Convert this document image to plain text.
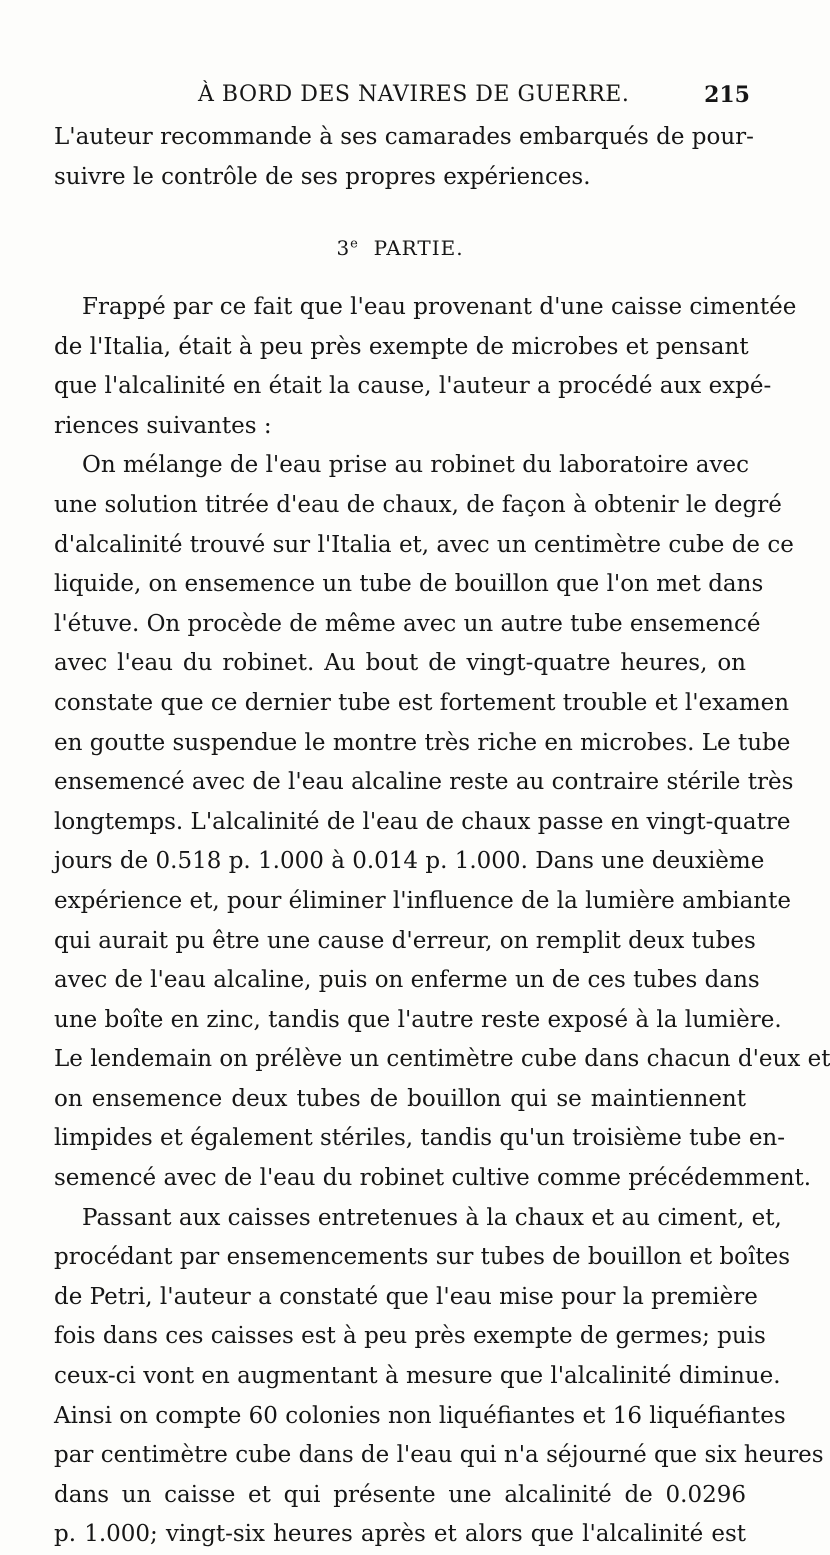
À BORD DES NAVIRES DE GUERRE.	215
L'auteur recommande à ses camarades embarqués de pour-
suivre le contrôle de ses propres expériences.
3e PARTIE.
Frappé par ce fait que l'eau provenant d'une caisse cimentée
de l'Italia, était à peu près exempte de microbes et pensant
que l'alcalinité en était la cause, l'auteur a procédé aux expé-
riences suivantes :
On mélange de l'eau prise au robinet du laboratoire avec
une solution titrée d'eau de chaux, de façon à obtenir le degré
d'alcalinité trouvé sur l'Italia et, avec un centimètre cube de ce
liquide, on ensemence un tube de bouillon que l'on met dans
l'étuve. On procède de même avec un autre tube ensemencé
avec l'eau du robinet. Au bout de vingt-quatre heures, on
constate que ce dernier tube est fortement trouble et l'examen
en goutte suspendue le montre très riche en microbes. Le tube
ensemencé avec de l'eau alcaline reste au contraire stérile très
longtemps. L'alcalinité de l'eau de chaux passe en vingt-quatre
jours de 0.518 p. 1.000 à 0.014 p. 1.000. Dans une deuxième
expérience et, pour éliminer l'influence de la lumière ambiante
qui aurait pu être une cause d'erreur, on remplit deux tubes
avec de l'eau alcaline, puis on enferme un de ces tubes dans
une boîte en zinc, tandis que l'autre reste exposé à la lumière.
Le lendemain on prélève un centimètre cube dans chacun d'eux et
on ensemence deux tubes de bouillon qui se maintiennent
limpides et également stériles, tandis qu'un troisième tube en-
semencé avec de l'eau du robinet cultive comme précédemment.
Passant aux caisses entretenues à la chaux et au ciment, et,
procédant par ensemencements sur tubes de bouillon et boîtes
de Petri, l'auteur a constaté que l'eau mise pour la première
fois dans ces caisses est à peu près exempte de germes; puis
ceux-ci vont en augmentant à mesure que l'alcalinité diminue.
Ainsi on compte 60 colonies non liquéfiantes et 16 liquéfiantes
par centimètre cube dans de l'eau qui n'a séjourné que six heures
dans un caisse et qui présente une alcalinité de 0.0296
p. 1.000; vingt-six heures après et alors que l'alcalinité est
